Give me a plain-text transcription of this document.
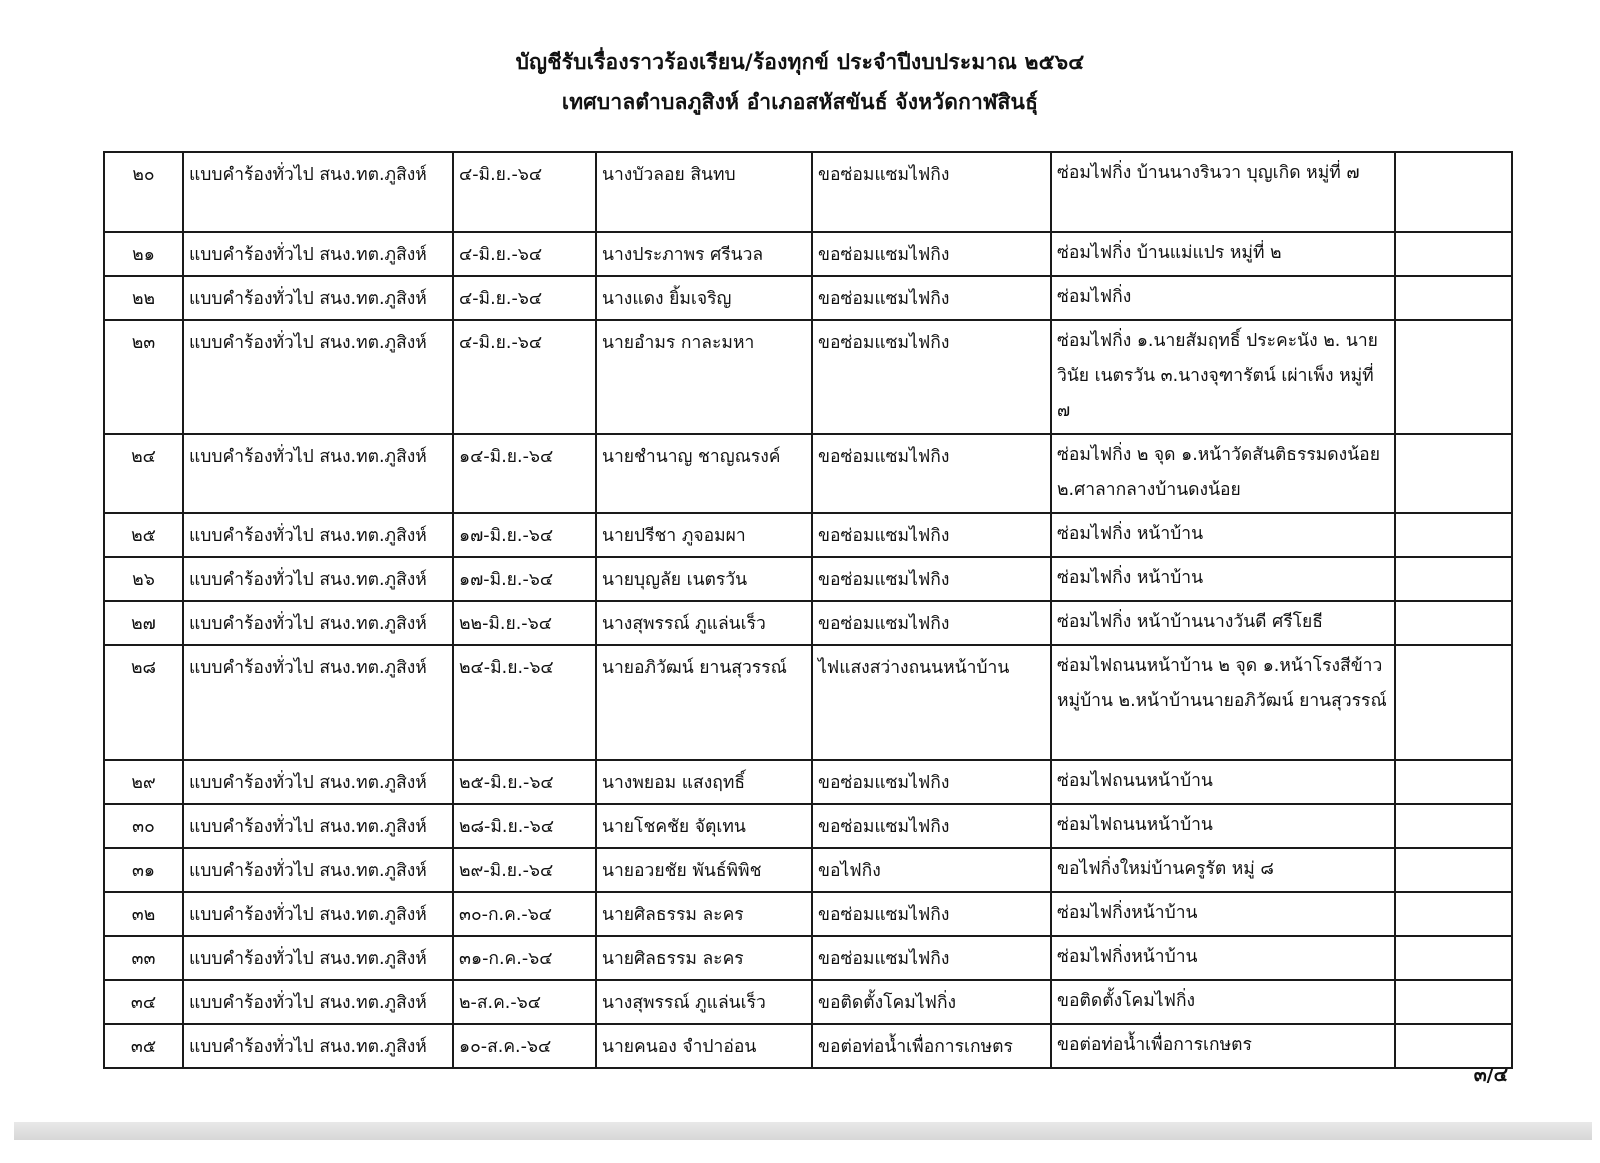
บัญชีรับเรื่องราวร้องเรียน/ร้องทุกข์ ประจำปีงบประมาณ ๒๕๖๔
เทศบาลตำบลภูสิงห์ อำเภอสหัสขันธ์ จังหวัดกาฬสินธุ์
๒๐	แบบคำร้องทั่วไป สนง.ทต.ภูสิงห์	๔-มิ.ย.-๖๔	นางบัวลอย สินทบ	ขอซ่อมแซมไฟกิง	ซ่อมไฟกิ่ง บ้านนางรินวา บุญเกิด หมู่ที่ ๗	

๒๑	แบบคำร้องทั่วไป สนง.ทต.ภูสิงห์	๔-มิ.ย.-๖๔	นางประภาพร ศรีนวล	ขอซ่อมแซมไฟกิง	ซ่อมไฟกิ่ง บ้านแม่แปร หมู่ที่ ๒	

๒๒	แบบคำร้องทั่วไป สนง.ทต.ภูสิงห์	๔-มิ.ย.-๖๔	นางแดง ยิ้มเจริญ	ขอซ่อมแซมไฟกิง	ซ่อมไฟกิ่ง	

๒๓	แบบคำร้องทั่วไป สนง.ทต.ภูสิงห์	๔-มิ.ย.-๖๔	นายอำมร กาละมหา	ขอซ่อมแซมไฟกิง	ซ่อมไฟกิ่ง ๑.นายสัมฤทธิ์ ประคะนัง ๒. นายวินัย เนตรวัน ๓.นางจุฑารัตน์ เผ่าเพ็ง หมู่ที่ ๗	

๒๔	แบบคำร้องทั่วไป สนง.ทต.ภูสิงห์	๑๔-มิ.ย.-๖๔	นายชำนาญ ชาญณรงค์	ขอซ่อมแซมไฟกิง	ซ่อมไฟกิ่ง ๒ จุด ๑.หน้าวัดสันติธรรมดงน้อย ๒.ศาลากลางบ้านดงน้อย	

๒๕	แบบคำร้องทั่วไป สนง.ทต.ภูสิงห์	๑๗-มิ.ย.-๖๔	นายปรีชา ภูจอมผา	ขอซ่อมแซมไฟกิง	ซ่อมไฟกิ่ง หน้าบ้าน	

๒๖	แบบคำร้องทั่วไป สนง.ทต.ภูสิงห์	๑๗-มิ.ย.-๖๔	นายบุญลัย เนตรวัน	ขอซ่อมแซมไฟกิง	ซ่อมไฟกิ่ง หน้าบ้าน	

๒๗	แบบคำร้องทั่วไป สนง.ทต.ภูสิงห์	๒๒-มิ.ย.-๖๔	นางสุพรรณ์ ภูแล่นเร็ว	ขอซ่อมแซมไฟกิง	ซ่อมไฟกิ่ง หน้าบ้านนางวันดี ศรีโยธี	

๒๘	แบบคำร้องทั่วไป สนง.ทต.ภูสิงห์	๒๔-มิ.ย.-๖๔	นายอภิวัฒน์ ยานสุวรรณ์	ไฟแสงสว่างถนนหน้าบ้าน	ซ่อมไฟถนนหน้าบ้าน ๒ จุด ๑.หน้าโรงสีข้าวหมู่บ้าน ๒.หน้าบ้านนายอภิวัฒน์ ยานสุวรรณ์	

๒๙	แบบคำร้องทั่วไป สนง.ทต.ภูสิงห์	๒๕-มิ.ย.-๖๔	นางพยอม แสงฤทธิ์	ขอซ่อมแซมไฟกิง	ซ่อมไฟถนนหน้าบ้าน	

๓๐	แบบคำร้องทั่วไป สนง.ทต.ภูสิงห์	๒๘-มิ.ย.-๖๔	นายโชคชัย จัตุเทน	ขอซ่อมแซมไฟกิง	ซ่อมไฟถนนหน้าบ้าน	

๓๑	แบบคำร้องทั่วไป สนง.ทต.ภูสิงห์	๒๙-มิ.ย.-๖๔	นายอวยชัย พันธ์พิพิช	ขอไฟกิง	ขอไฟกิ่งใหม่บ้านครูรัต หมู่ ๘	

๓๒	แบบคำร้องทั่วไป สนง.ทต.ภูสิงห์	๓๐-ก.ค.-๖๔	นายศิลธรรม ละคร	ขอซ่อมแซมไฟกิง	ซ่อมไฟกิ่งหน้าบ้าน	

๓๓	แบบคำร้องทั่วไป สนง.ทต.ภูสิงห์	๓๑-ก.ค.-๖๔	นายศิลธรรม ละคร	ขอซ่อมแซมไฟกิง	ซ่อมไฟกิ่งหน้าบ้าน	

๓๔	แบบคำร้องทั่วไป สนง.ทต.ภูสิงห์	๒-ส.ค.-๖๔	นางสุพรรณ์ ภูแล่นเร็ว	ขอติดตั้งโคมไฟกิ่ง	ขอติดตั้งโคมไฟกิ่ง	

๓๕	แบบคำร้องทั่วไป สนง.ทต.ภูสิงห์	๑๐-ส.ค.-๖๔	นายคนอง จำปาอ่อน	ขอต่อท่อน้ำเพื่อการเกษตร	ขอต่อท่อน้ำเพื่อการเกษตร	

๓/๔
